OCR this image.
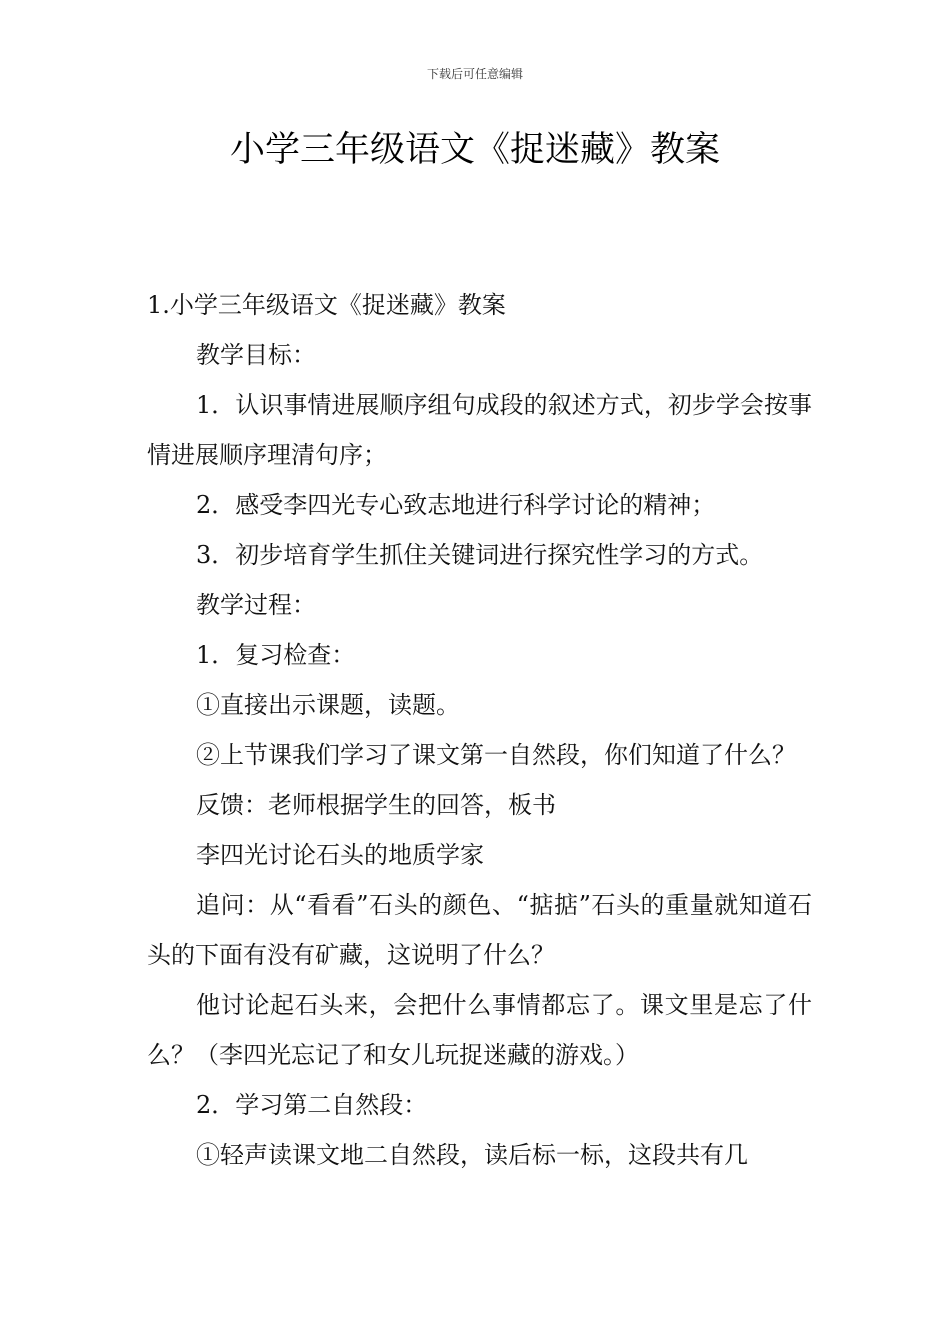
下载后可任意编辑
小学三年级语文《捉迷藏》教案

1.小学三年级语文《捉迷藏》教案

教学目标：

1．认识事情进展顺序组句成段的叙述方式，初步学会按事情进展顺序理清句序；

2．感受李四光专心致志地进行科学讨论的精神；

3．初步培育学生抓住关键词进行探究性学习的方式。

教学过程：

1．复习检查：

①直接出示课题，读题。

②上节课我们学习了课文第一自然段，你们知道了什么？

反馈：老师根据学生的回答，板书

李四光讨论石头的地质学家

追问：从“看看”石头的颜色、“掂掂”石头的重量就知道石头的下面有没有矿藏，这说明了什么？

他讨论起石头来，会把什么事情都忘了。课文里是忘了什么？（李四光忘记了和女儿玩捉迷藏的游戏。）

2．学习第二自然段：

①轻声读课文地二自然段，读后标一标，这段共有几
